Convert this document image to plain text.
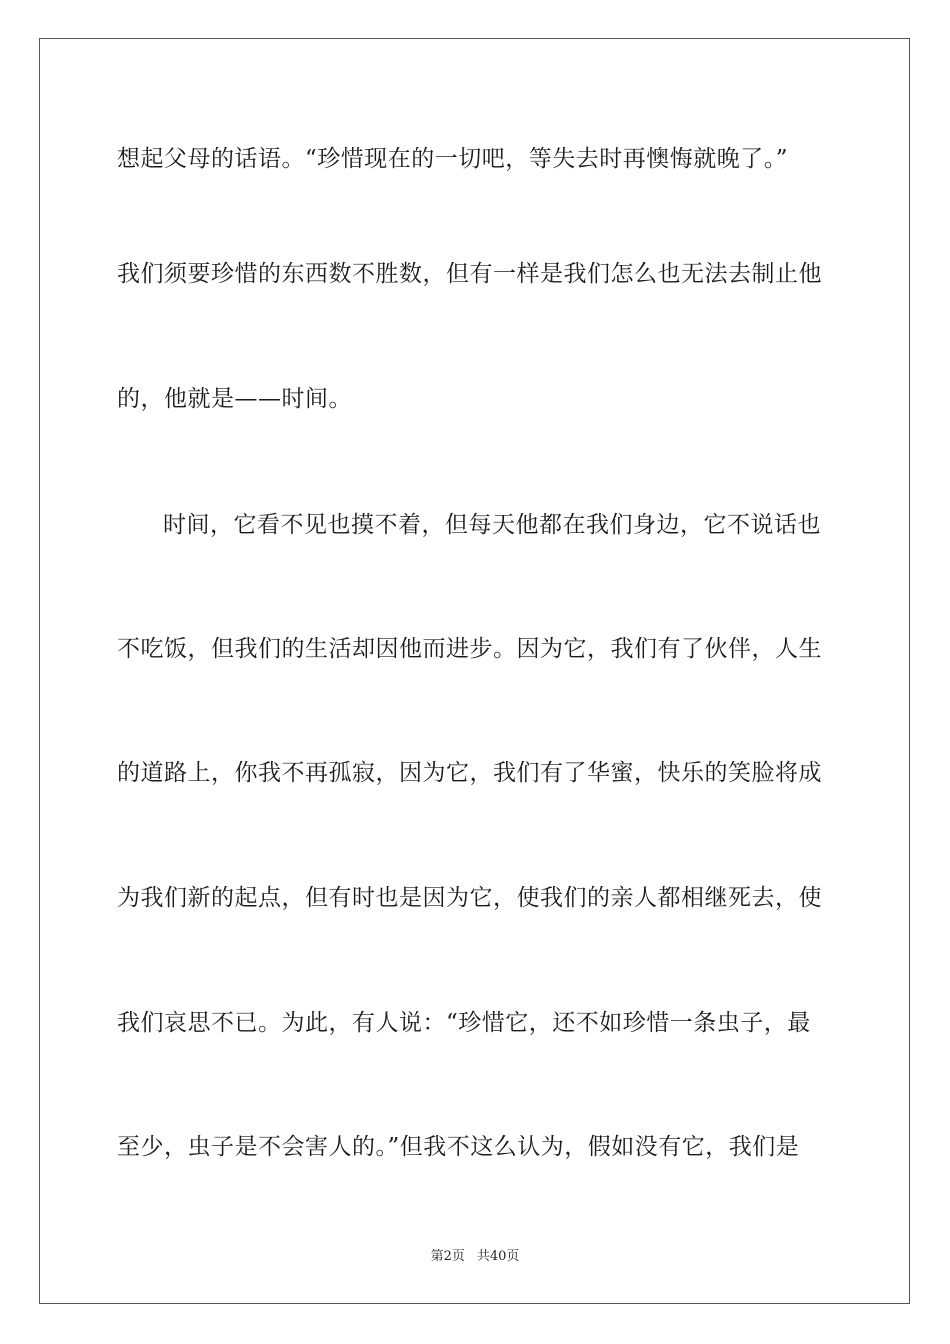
想起父母的话语。“珍惜现在的一切吧，等失去时再懊悔就晚了。”
我们须要珍惜的东西数不胜数，但有一样是我们怎么也无法去制止他
的，他就是——时间。
时间，它看不见也摸不着，但每天他都在我们身边，它不说话也
不吃饭，但我们的生活却因他而进步。因为它，我们有了伙伴，人生
的道路上，你我不再孤寂，因为它，我们有了华蜜，快乐的笑脸将成
为我们新的起点，但有时也是因为它，使我们的亲人都相继死去，使
我们哀思不已。为此，有人说：“珍惜它，还不如珍惜一条虫子，最
至少，虫子是不会害人的。”但我不这么认为，假如没有它，我们是
第2页 共40页
